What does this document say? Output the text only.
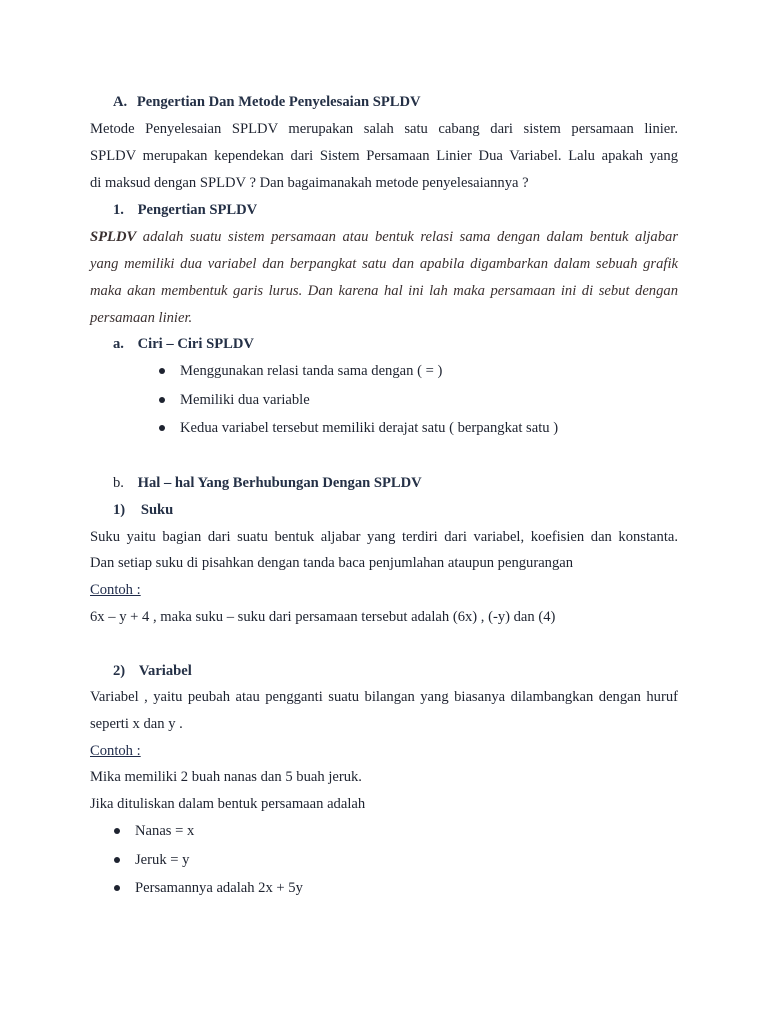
A. Pengertian Dan Metode Penyelesaian SPLDV
Metode Penyelesaian SPLDV merupakan salah satu cabang dari sistem persamaan linier.
SPLDV merupakan kependekan dari Sistem Persamaan Linier Dua Variabel. Lalu apakah yang
di maksud dengan SPLDV ? Dan bagaimanakah metode penyelesaiannya ?
1. Pengertian SPLDV
SPLDV adalah suatu sistem persamaan atau bentuk relasi sama dengan dalam bentuk aljabar
yang memiliki dua variabel dan berpangkat satu dan apabila digambarkan dalam sebuah grafik
maka akan membentuk garis lurus. Dan karena hal ini lah maka persamaan ini di sebut dengan
persamaan linier.
a. Ciri – Ciri SPLDV
Menggunakan relasi tanda sama dengan ( = )
Memiliki dua variable
Kedua variabel tersebut memiliki derajat satu ( berpangkat satu )
b. Hal – hal Yang Berhubungan Dengan SPLDV
1) Suku
Suku yaitu bagian dari suatu bentuk aljabar yang terdiri dari variabel, koefisien dan konstanta.
Dan setiap suku di pisahkan dengan tanda baca penjumlahan ataupun pengurangan
Contoh :
6x – y + 4 , maka suku – suku dari persamaan tersebut adalah (6x) , (-y) dan (4)
2) Variabel
Variabel , yaitu peubah atau pengganti suatu bilangan yang biasanya dilambangkan dengan huruf
seperti x dan y .
Contoh :
Mika memiliki 2 buah nanas dan 5 buah jeruk.
Jika dituliskan dalam bentuk persamaan adalah
Nanas = x
Jeruk = y
Persamannya adalah 2x + 5y
